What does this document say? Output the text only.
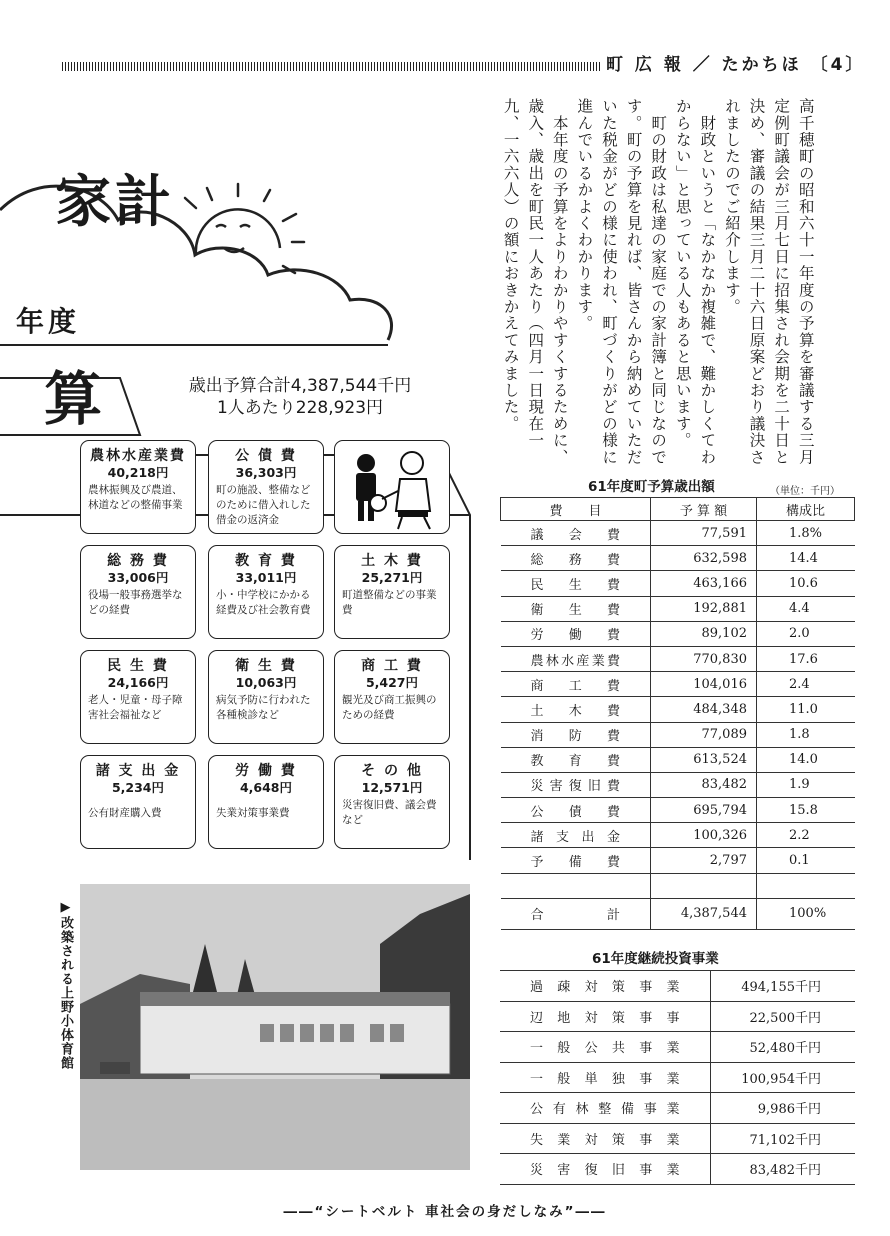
町 広 報 ／ たかちほ 〔4〕
家計
年度
算	歳出予算合計4,387,544千円
1人あたり228,923円
農林水産業費
40,218円
農林振興及び農道、林道などの整備事業
公 債 費
36,303円
町の施設、整備などのために借入れした借金の返済金
総 務 費
33,006円
役場一般事務選挙などの経費
教 育 費
33,011円
小・中学校にかかる経費及び社会教育費
土 木 費
25,271円
町道整備などの事業費
民 生 費
24,166円
老人・児童・母子障害社会福祉など
衛 生 費
10,063円
病気予防に行われた各種検診など
商 工 費
5,427円
観光及び商工振興のための経費
諸 支 出 金
5,234円
公有財産購入費
労 働 費
4,648円
失業対策事業費
そ の 他
12,571円
災害復旧費、議会費など
高千穂町の昭和六十一年度の予算を審議する三月定例町議会が三月七日に招集され会期を二十日と決め、審議の結果三月二十六日原案どおり議決されましたのでご紹介します。
　財政というと「なかなか複雑で、難かしくてわからない」と思っている人もあると思います。
　町の財政は私達の家庭での家計簿と同じなのです。町の予算を見れば、皆さんから納めていただいた税金がどの様に使われ、町づくりがどの様に進んでいるかよくわかります。
　本年度の予算をよりわかりやすくするために、歳入、歳出を町民一人あたり（四月一日現在一九、一六六人）の額におきかえてみました。
61年度町予算歳出額	（単位：千円）
費　　目	予 算 額	構成比
議会費	77,591	1.8%
総務費	632,598	14.4
民生費	463,166	10.6
衛生費	192,881	4.4
労働費	89,102	2.0
農林水産業費	770,830	17.6
商工費	104,016	2.4
土木費	484,348	11.0
消防費	77,089	1.8
教育費	613,524	14.0
災害復旧費	83,482	1.9
公債費	695,794	15.8
諸支出金	100,326	2.2
予備費	2,797	0.1

合計	4,387,544	100%
61年度継続投資事業
過疎対策事業	494,155千円
辺地対策事事	22,500千円
一般公共事業	52,480千円
一般単独事業	100,954千円
公有林整備事業	9,986千円
失業対策事業	71,102千円
災害復旧事業	83,482千円
▶改築される上野小体育館
――“シートベルト 車社会の身だしなみ”――
